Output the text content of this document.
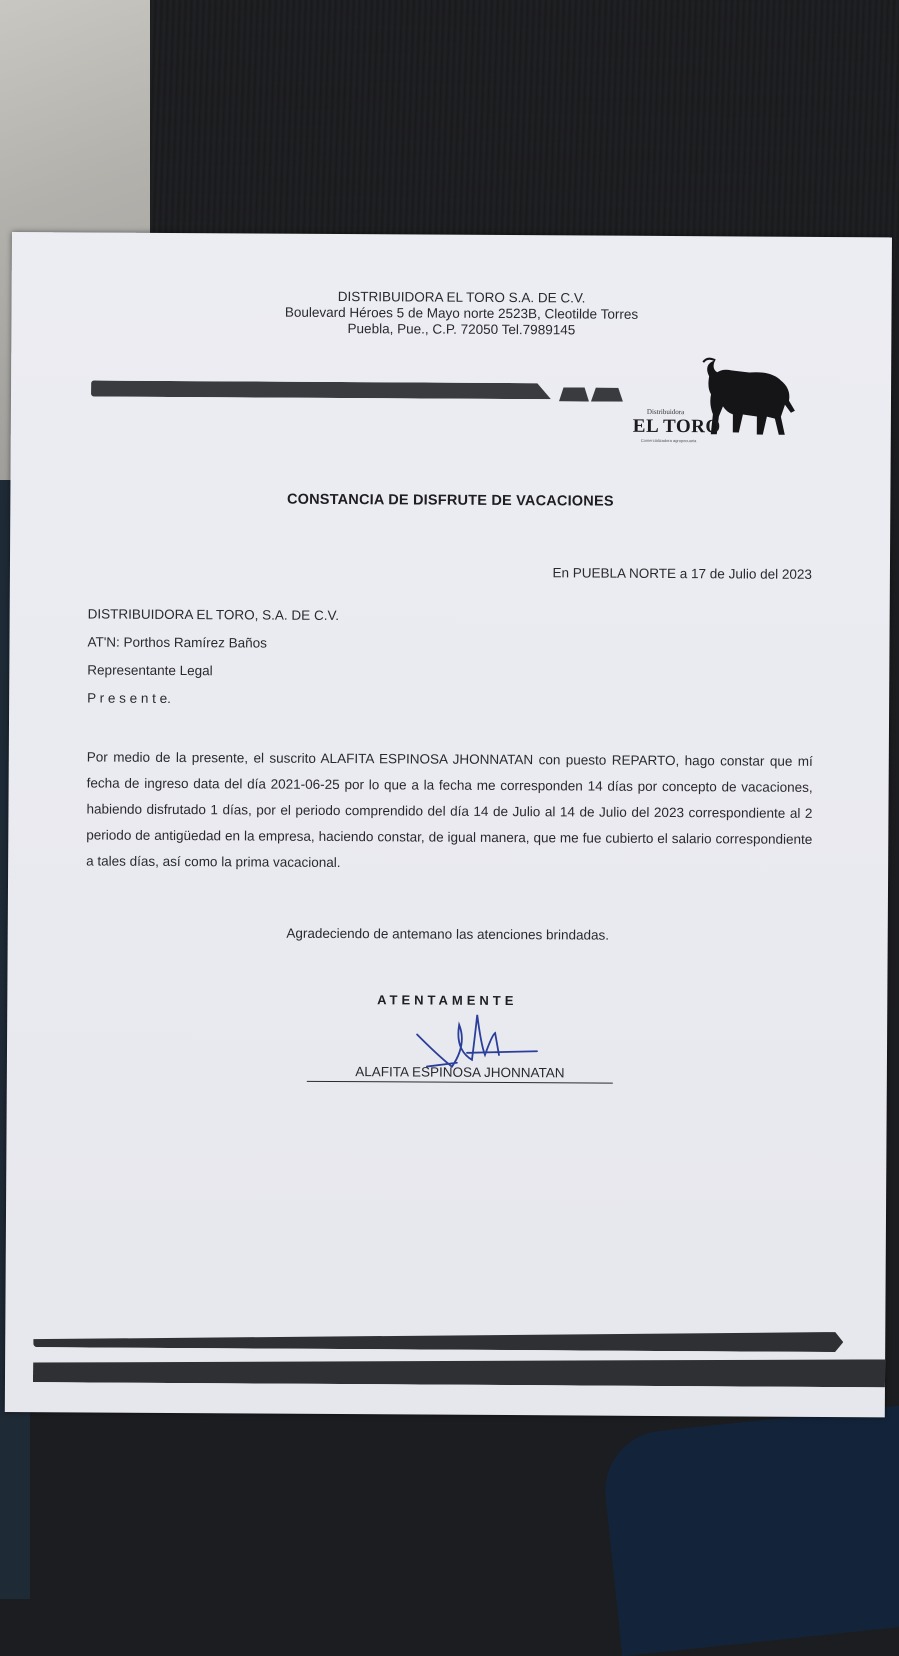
DISTRIBUIDORA EL TORO S.A. DE C.V.
Boulevard Héroes 5 de Mayo norte 2523B, Cleotilde Torres
Puebla, Pue., C.P. 72050 Tel.7989145
Distribuidora
EL TORO
Comercializadora agropecuaria
CONSTANCIA DE DISFRUTE DE VACACIONES
En PUEBLA NORTE a 17 de Julio del 2023
DISTRIBUIDORA EL TORO, S.A. DE C.V.
AT'N: Porthos Ramírez Baños
Representante Legal
P r e s e n t e.
Por medio de la presente, el suscrito ALAFITA ESPINOSA JHONNATAN con puesto REPARTO, hago constar que mí fecha de ingreso data del día 2021-06-25 por lo que a la fecha me corresponden 14 días por concepto de vacaciones, habiendo disfrutado 1 días, por el periodo comprendido del día 14 de Julio al 14 de Julio del 2023 correspondiente al 2 periodo de antigüedad en la empresa, haciendo constar, de igual manera, que me fue cubierto el salario correspondiente a tales días, así como la prima vacacional.
Agradeciendo de antemano las atenciones brindadas.
ATENTAMENTE
ALAFITA ESPINOSA JHONNATAN
